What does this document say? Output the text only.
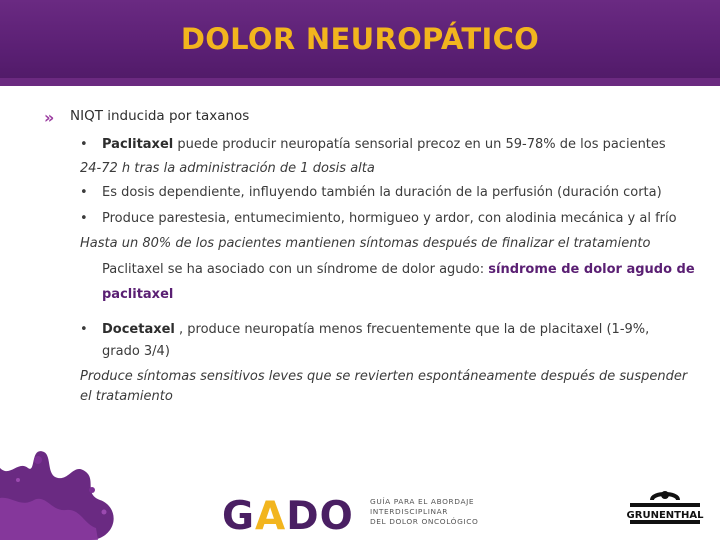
DOLOR NEUROPÁTICO
» NIQT inducida por taxanos
• Paclitaxel puede producir neuropatía sensorial precoz en un 59-78% de los pacientes
24-72 h tras la administración de 1 dosis alta
• Es dosis dependiente, influyendo también la duración de la perfusión (duración corta)
• Produce parestesia, entumecimiento, hormigueo y ardor, con alodinia mecánica y al frío
Hasta un 80% de los pacientes mantienen síntomas después de finalizar el tratamiento
Paclitaxel se ha asociado con un síndrome de dolor agudo: síndrome de dolor agudo de
paclitaxel
• Docetaxel , produce neuropatía menos frecuentemente que la de placitaxel (1-9%,
grado 3/4)
Produce síntomas sensitivos leves que se revierten espontáneamente después de suspender
el tratamiento
GADO GUÍA PARA EL ABORDAJE
INTERDISCIPLINAR
DEL DOLOR ONCOLÓGICO
GRUNENTHAL
